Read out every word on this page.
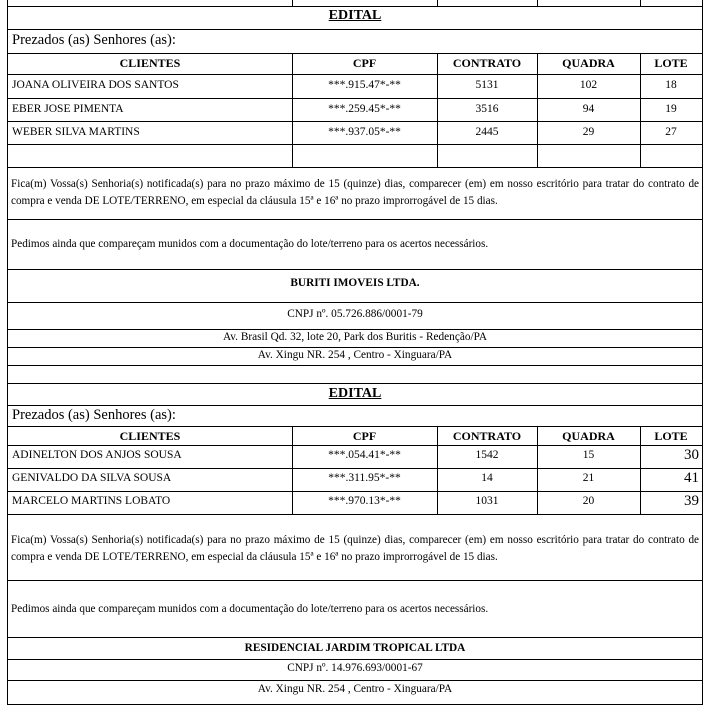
EDITAL
Prezados (as) Senhores (as):
CLIENTES	CPF	CONTRATO	QUADRA	LOTE
JOANA OLIVEIRA DOS SANTOS	***.915.47*-**	5131	102	18
EBER JOSE PIMENTA	***.259.45*-**	3516	94	19
WEBER SILVA MARTINS	***.937.05*-**	2445	29	27
Fica(m) Vossa(s) Senhoria(s) notificada(s) para no prazo máximo de 15 (quinze) dias, comparecer (em) em nosso escritório para tratar do contrato de compra e venda DE LOTE/TERRENO, em especial da cláusula 15ª e 16ª no prazo improrrogável de 15 dias.
Pedimos ainda que compareçam munidos com a documentação do lote/terreno para os acertos necessários.
BURITI IMOVEIS LTDA.
CNPJ nº. 05.726.886/0001-79
Av. Brasil Qd. 32, lote 20, Park dos Buritis - Redenção/PA
Av. Xingu NR. 254 , Centro - Xinguara/PA
EDITAL
Prezados (as) Senhores (as):
CLIENTES	CPF	CONTRATO	QUADRA	LOTE
ADINELTON DOS ANJOS SOUSA	***.054.41*-**	1542	15	30
GENIVALDO DA SILVA SOUSA	***.311.95*-**	14	21	41
MARCELO MARTINS LOBATO	***.970.13*-**	1031	20	39
Fica(m) Vossa(s) Senhoria(s) notificada(s) para no prazo máximo de 15 (quinze) dias, comparecer (em) em nosso escritório para tratar do contrato de compra e venda DE LOTE/TERRENO, em especial da cláusula 15ª e 16ª no prazo improrrogável de 15 dias.
Pedimos ainda que compareçam munidos com a documentação do lote/terreno para os acertos necessários.
RESIDENCIAL JARDIM TROPICAL LTDA
CNPJ nº. 14.976.693/0001-67
Av. Xingu NR. 254 , Centro - Xinguara/PA
